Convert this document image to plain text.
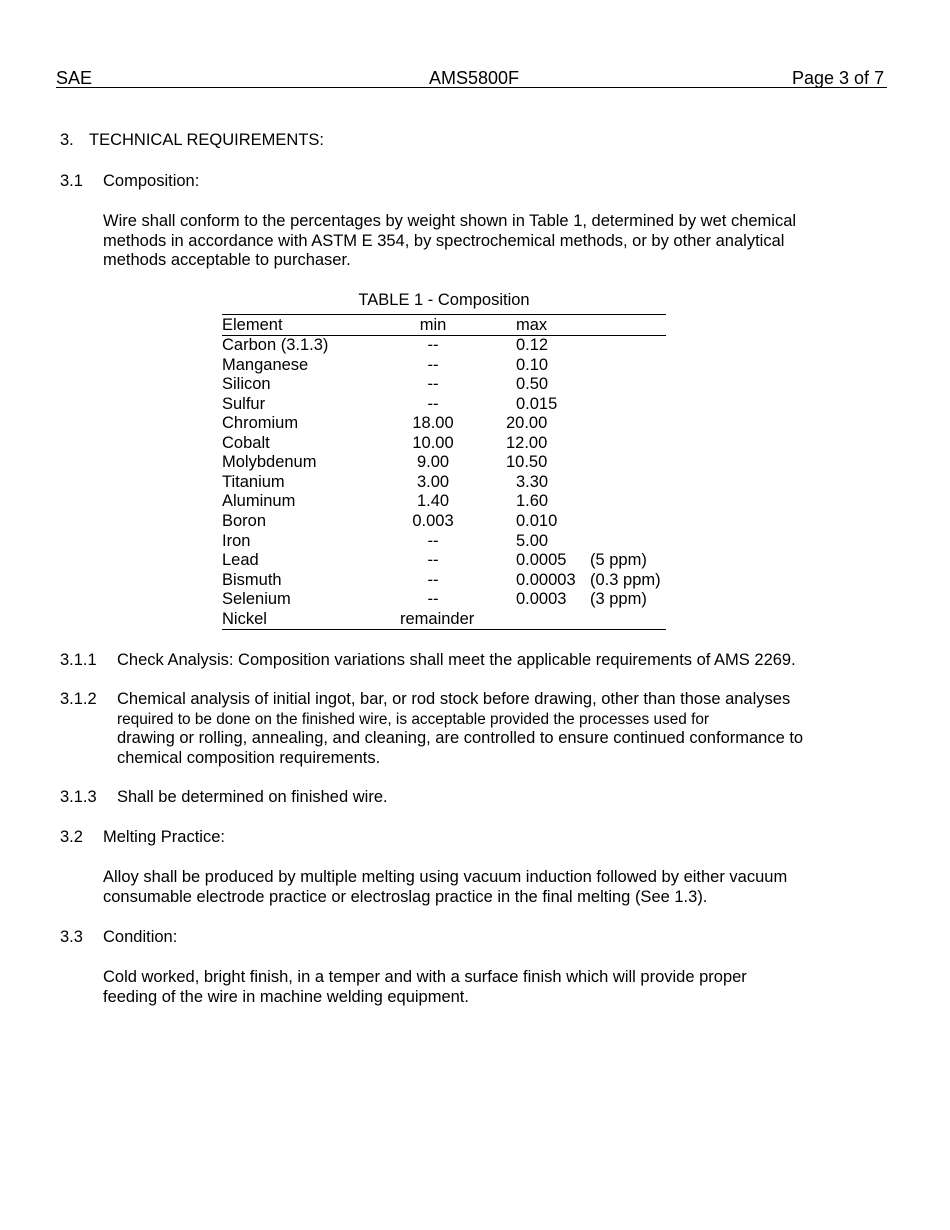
SAE	AMS5800F	Page 3 of 7
3. TECHNICAL REQUIREMENTS:
3.1 Composition:
Wire shall conform to the percentages by weight shown in Table 1, determined by wet chemical
methods in accordance with ASTM E 354, by spectrochemical methods, or by other analytical
methods acceptable to purchaser.
TABLE 1 - Composition
Element	min	max
Carbon (3.1.3)	--	0.12
Manganese	--	0.10
Silicon	--	0.50
Sulfur	--	0.015
Chromium	18.00	20.00
Cobalt	10.00	12.00
Molybdenum	9.00	10.50
Titanium	3.00	3.30
Aluminum	1.40	1.60
Boron	0.003	0.010
Iron	--	5.00
Lead	--	0.0005 (5 ppm)
Bismuth	--	0.00003 (0.3 ppm)
Selenium	--	0.0003 (3 ppm)
Nickel	remainder
3.1.1 Check Analysis: Composition variations shall meet the applicable requirements of AMS 2269.
3.1.2 Chemical analysis of initial ingot, bar, or rod stock before drawing, other than those analyses
required to be done on the finished wire, is acceptable provided the processes used for
drawing or rolling, annealing, and cleaning, are controlled to ensure continued conformance to
chemical composition requirements.
3.1.3 Shall be determined on finished wire.
3.2 Melting Practice:
Alloy shall be produced by multiple melting using vacuum induction followed by either vacuum
consumable electrode practice or electroslag practice in the final melting (See 1.3).
3.3 Condition:
Cold worked, bright finish, in a temper and with a surface finish which will provide proper
feeding of the wire in machine welding equipment.
